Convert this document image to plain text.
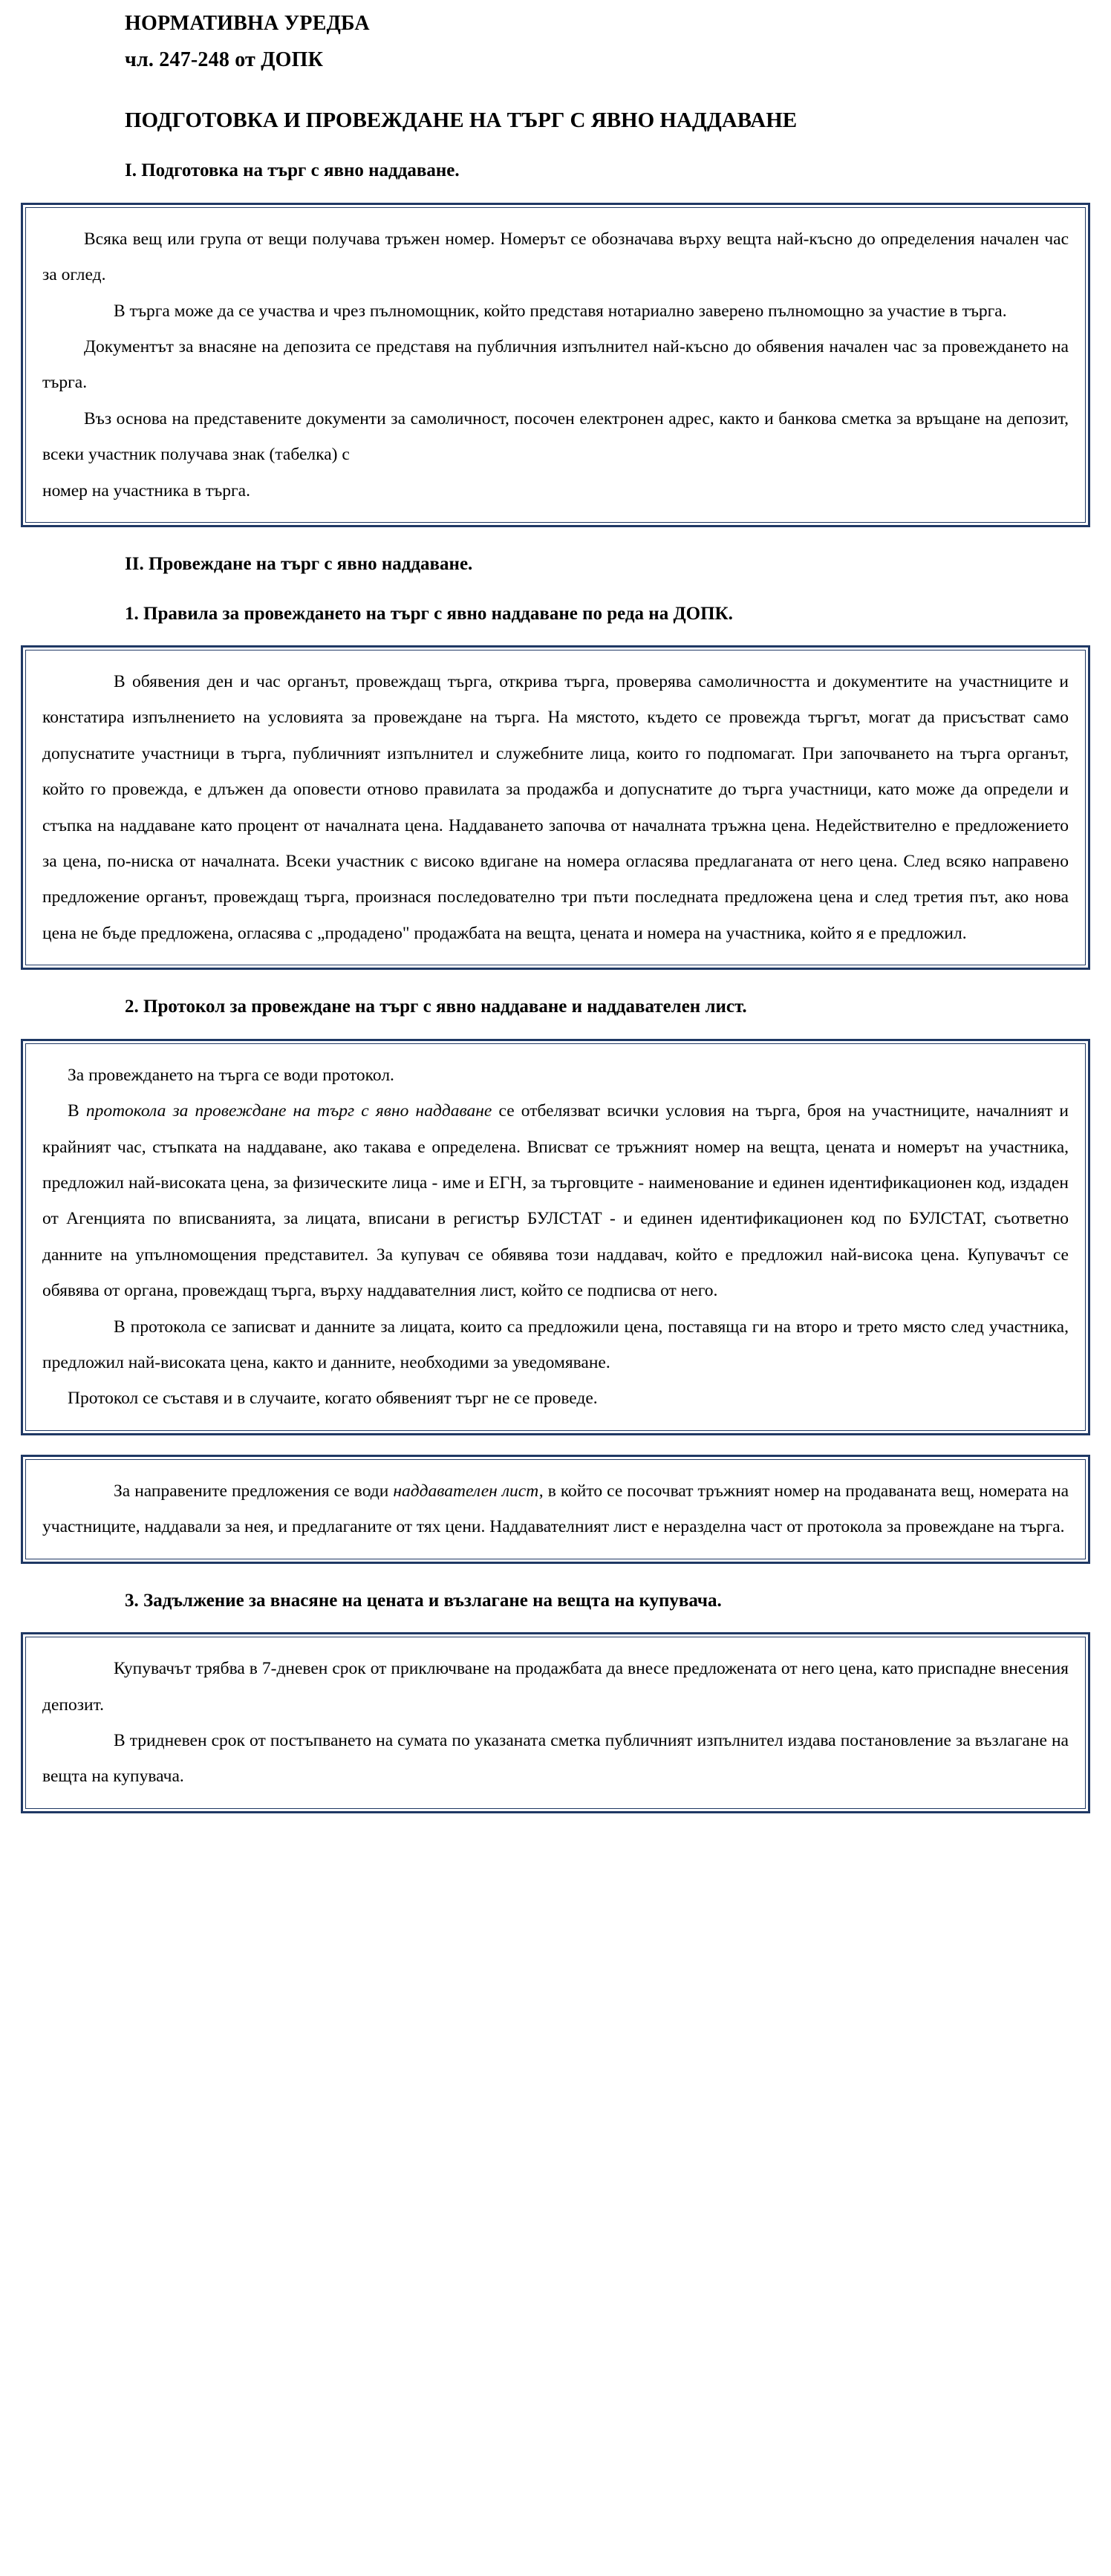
НОРМАТИВНА УРЕДБА
чл. 247-248 от ДОПК
ПОДГОТОВКА И ПРОВЕЖДАНЕ НА ТЪРГ С ЯВНО НАДДАВАНЕ
I. Подготовка на търг с явно наддаване.

Всяка вещ или група от вещи получава тръжен номер. Номерът се обозначава върху вещта най-късно до определения начален час за оглед.

В търга може да се участва и чрез пълномощник, който представя нотариално заверено пълномощно за участие в търга.

Документът за внасяне на депозита се представя на публичния изпълнител най-късно до обявения начален час за провеждането на търга.

Въз основа на представените документи за самоличност, посочен електронен адрес, както и банкова сметка за връщане на депозит, всеки участник получава знак (табелка) с

номер на участника в търга.

II. Провеждане на търг с явно наддаване.
1. Правила за провеждането на търг с явно наддаване по реда на ДОПК.

В обявения ден и час органът, провеждащ търга, открива търга, проверява самоличността и документите на участниците и констатира изпълнението на условията за провеждане на търга. На мястото, където се провежда търгът, могат да присъстват само допуснатите участници в търга, публичният изпълнител и служебните лица, които го подпомагат. При започването на търга органът, който го провежда, е длъжен да оповести отново правилата за продажба и допуснатите до търга участници, като може да определи и стъпка на наддаване като процент от началната цена. Наддаването започва от началната тръжна цена. Недействително е предложението за цена, по-ниска от началната. Всеки участник с високо вдигане на номера огласява предлаганата от него цена. След всяко направено предложение органът, провеждащ търга, произнася последователно три пъти последната предложена цена и след третия път, ако нова цена не бъде предложена, огласява с „продадено" продажбата на вещта, цената и номера на участника, който я е предложил.

2. Протокол за провеждане на търг с явно наддаване и наддавателен лист.

За провеждането на търга се води протокол.

В протокола за провеждане на търг с явно наддаване се отбелязват всички условия на търга, броя на участниците, началният и крайният час, стъпката на наддаване, ако такава е определена. Вписват се тръжният номер на вещта, цената и номерът на участника, предложил най-високата цена, за физическите лица - име и ЕГН, за търговците - наименование и единен идентификационен код, издаден от Агенцията по вписванията, за лицата, вписани в регистър БУЛСТАТ - и единен идентификационен код по БУЛСТАТ, съответно данните на упълномощения представител. За купувач се обявява този наддавач, който е предложил най-висока цена. Купувачът се обявява от органа, провеждащ търга, върху наддавателния лист, който се подписва от него.

В протокола се записват и данните за лицата, които са предложили цена, поставяща ги на второ и трето място след участника, предложил най-високата цена, както и данните, необходими за уведомяване.

Протокол се съставя и в случаите, когато обявеният търг не се проведе.

За направените предложения се води наддавателен лист, в който се посочват тръжният номер на продаваната вещ, номерата на участниците, наддавали за нея, и предлаганите от тях цени. Наддавателният лист е неразделна част от протокола за провеждане на търга.

3. Задължение за внасяне на цената и възлагане на вещта на купувача.

Купувачът трябва в 7-дневен срок от приключване на продажбата да внесе предложената от него цена, като приспадне внесения депозит.

В тридневен срок от постъпването на сумата по указаната сметка публичният изпълнител издава постановление за възлагане на вещта на купувача.
